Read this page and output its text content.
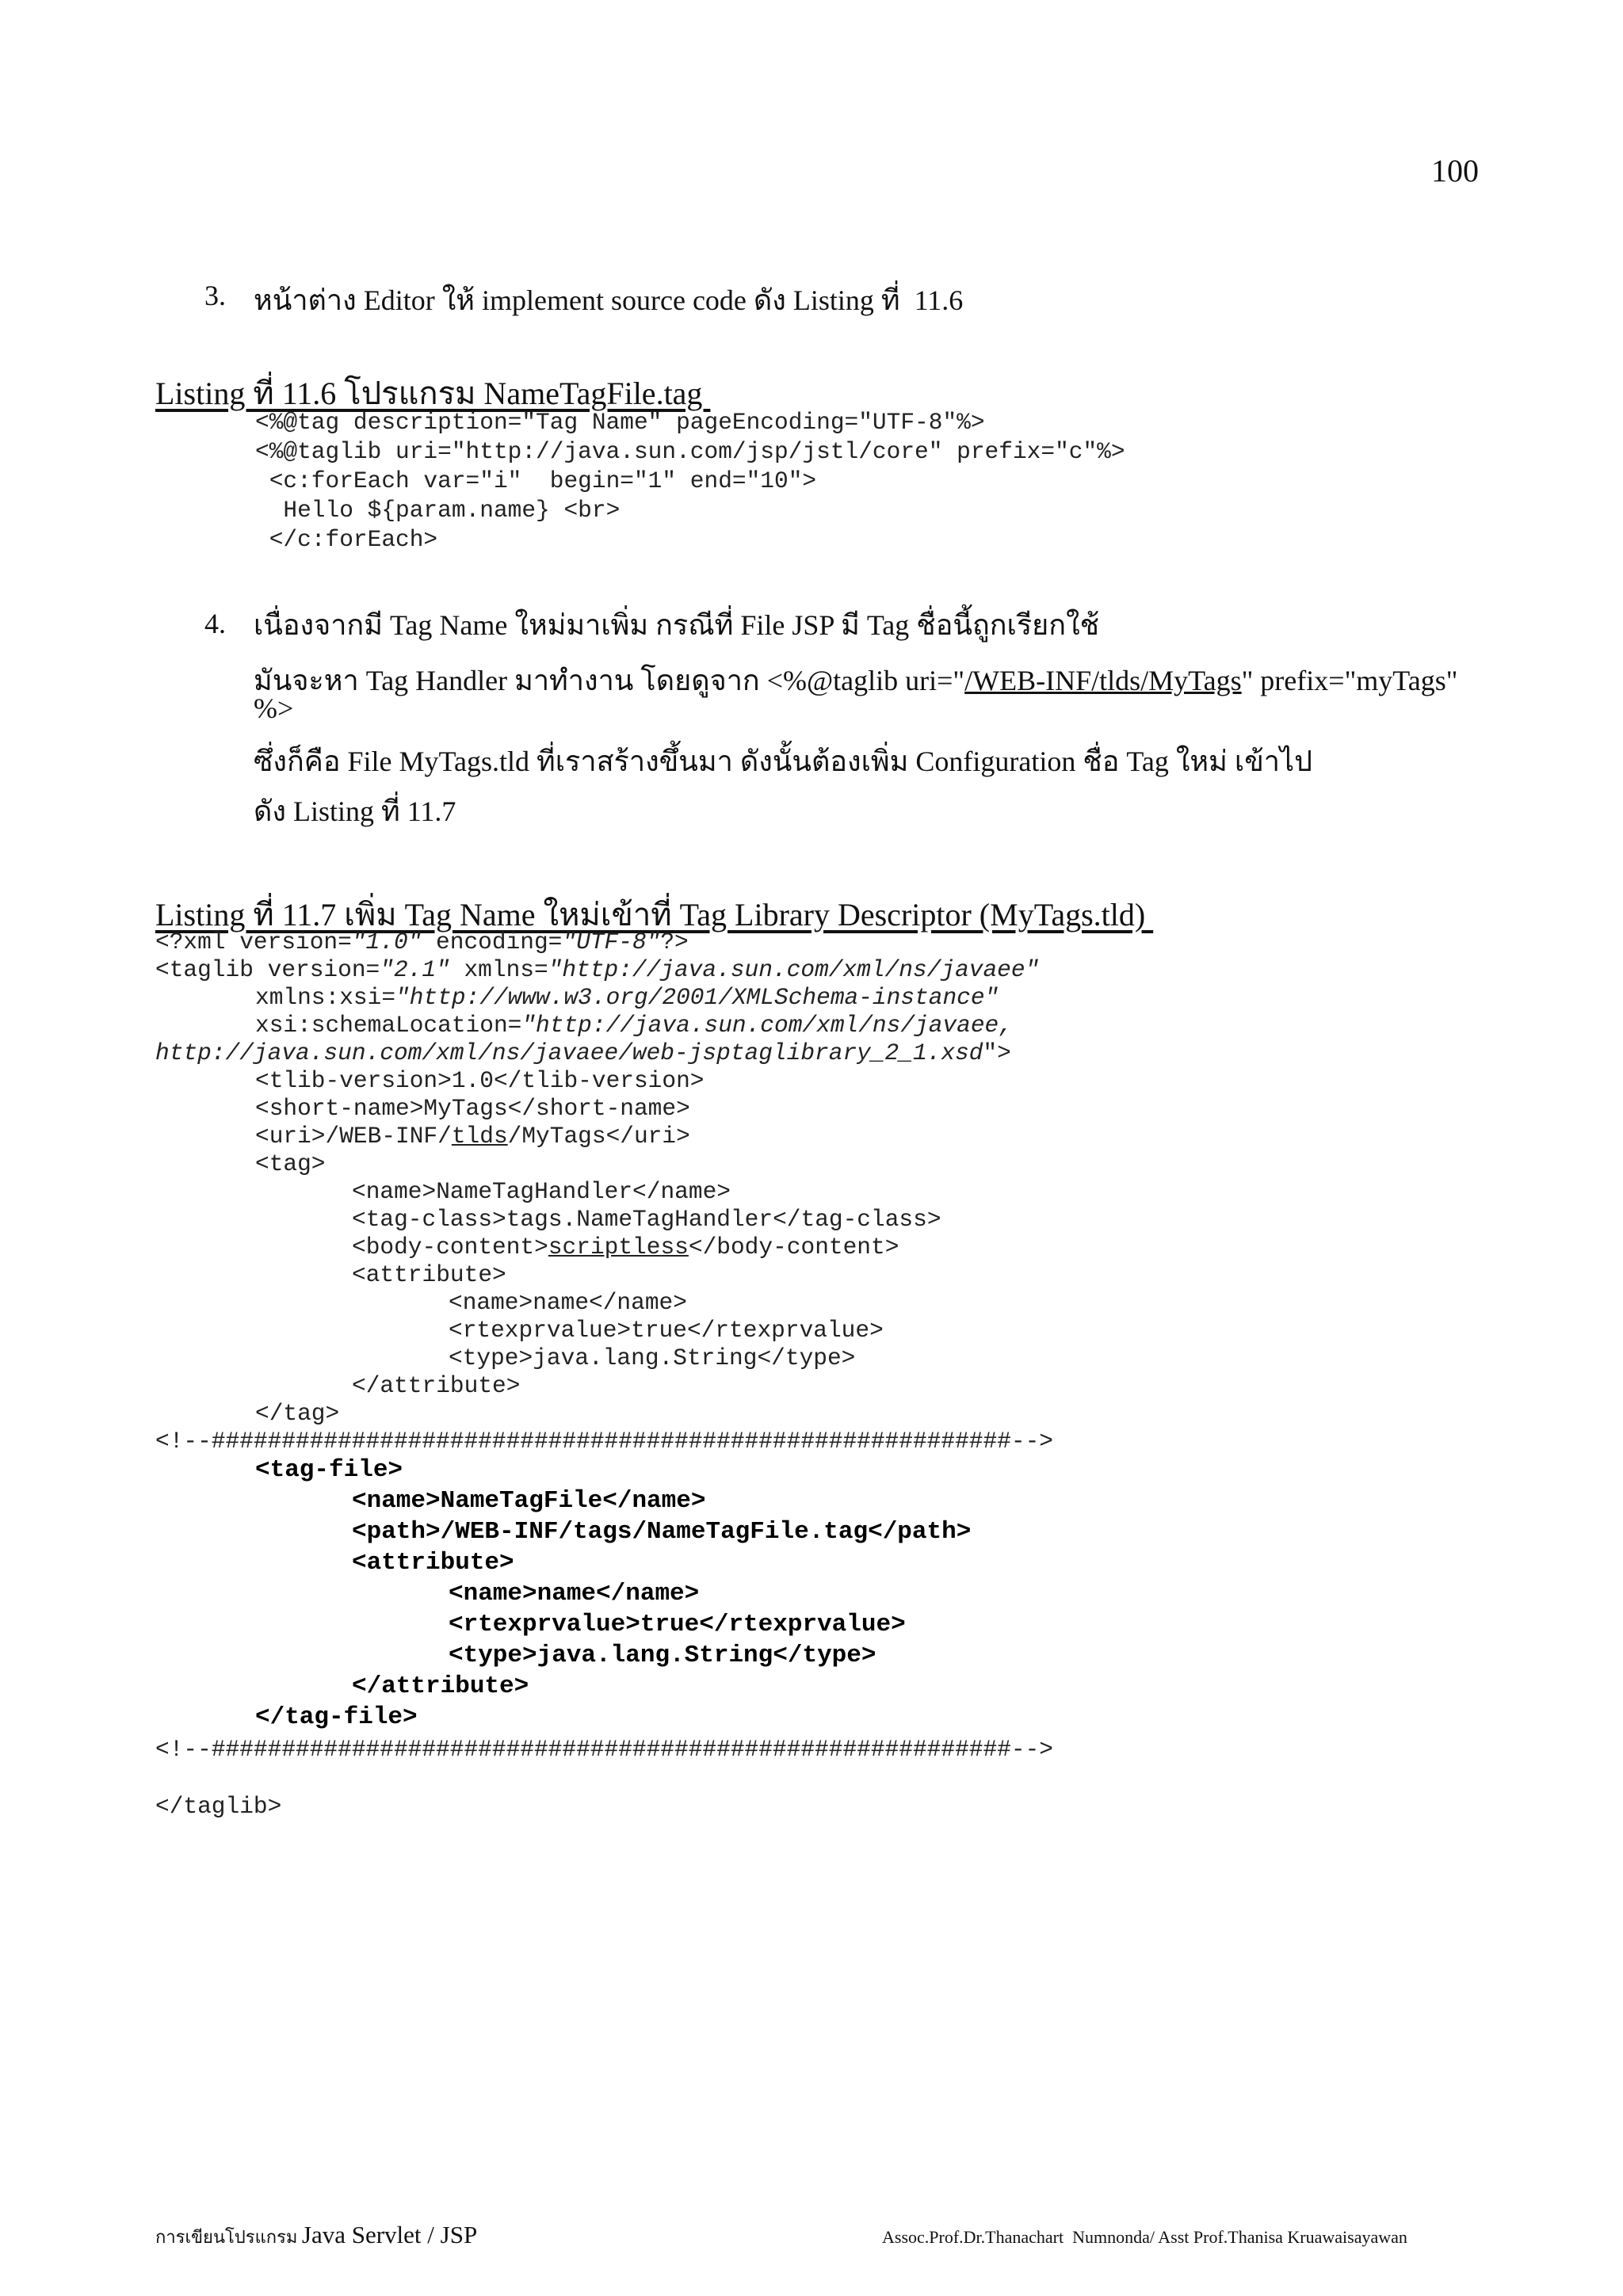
100
3. หน้าต่าง Editor ให้ implement source code ดัง Listing ที่  11.6
Listing ที่ 11.6 โปรแกรม NameTagFile.tag
<%@tag description="Tag Name" pageEncoding="UTF-8"%>
<%@taglib uri="http://java.sun.com/jsp/jstl/core" prefix="c"%>
<c:forEach var="i"  begin="1" end="10">
Hello ${param.name} <br>
</c:forEach>
4. เนื่องจากมี Tag Name ใหม่มาเพิ่ม กรณีที่ File JSP มี Tag ชื่อนี้ถูกเรียกใช้
มันจะหา Tag Handler มาทำงาน โดยดูจาก <%@taglib uri="/WEB-INF/tlds/MyTags" prefix="myTags"
%>
ซึ่งก็คือ File MyTags.tld ที่เราสร้างขึ้นมา ดังนั้นต้องเพิ่ม Configuration ชื่อ Tag ใหม่ เข้าไป
ดัง Listing ที่ 11.7
Listing ที่ 11.7 เพิ่ม Tag Name ใหม่เข้าที่ Tag Library Descriptor (MyTags.tld)
<?xml version="1.0" encoding="UTF-8"?>
<taglib version="2.1" xmlns="http://java.sun.com/xml/ns/javaee"
xmlns:xsi="http://www.w3.org/2001/XMLSchema-instance"
xsi:schemaLocation="http://java.sun.com/xml/ns/javaee,
http://java.sun.com/xml/ns/javaee/web-jsptaglibrary_2_1.xsd">
<tlib-version>1.0</tlib-version>
<short-name>MyTags</short-name>
<uri>/WEB-INF/tlds/MyTags</uri>
<tag>
<name>NameTagHandler</name>
<tag-class>tags.NameTagHandler</tag-class>
<body-content>scriptless</body-content>
<attribute>
<name>name</name>
<rtexprvalue>true</rtexprvalue>
<type>java.lang.String</type>
</attribute>
</tag>
<!--#########################################################-->
<tag-file>
<name>NameTagFile</name>
<path>/WEB-INF/tags/NameTagFile.tag</path>
<attribute>
<name>name</name>
<rtexprvalue>true</rtexprvalue>
<type>java.lang.String</type>
</attribute>
</tag-file>
<!--#########################################################-->
</taglib>
การเขียนโปรแกรม Java Servlet / JSP	Assoc.Prof.Dr.Thanachart  Numnonda/ Asst Prof.Thanisa Kruawaisayawan
